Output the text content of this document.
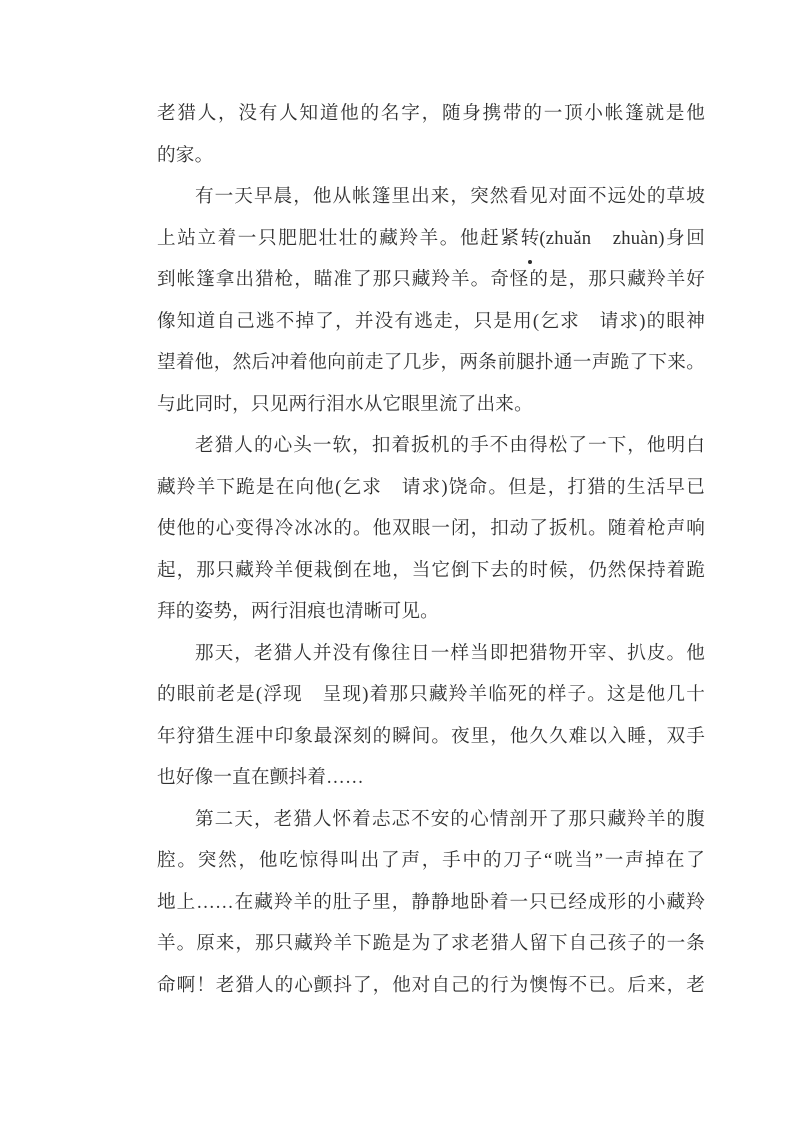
老猎人，没有人知道他的名字，随身携带的一顶小帐篷就是他
的家。
有一天早晨，他从帐篷里出来，突然看见对面不远处的草坡
上站立着一只肥肥壮壮的藏羚羊。他赶紧转(zhuǎn　zhuàn)身回
到帐篷拿出猎枪，瞄准了那只藏羚羊。奇怪的是，那只藏羚羊好
像知道自己逃不掉了，并没有逃走，只是用(乞求　请求)的眼神
望着他，然后冲着他向前走了几步，两条前腿扑通一声跪了下来。
与此同时，只见两行泪水从它眼里流了出来。
老猎人的心头一软，扣着扳机的手不由得松了一下，他明白
藏羚羊下跪是在向他(乞求　请求)饶命。但是，打猎的生活早已
使他的心变得冷冰冰的。他双眼一闭，扣动了扳机。随着枪声响
起，那只藏羚羊便栽倒在地，当它倒下去的时候，仍然保持着跪
拜的姿势，两行泪痕也清晰可见。
那天，老猎人并没有像往日一样当即把猎物开宰、扒皮。他
的眼前老是(浮现　呈现)着那只藏羚羊临死的样子。这是他几十
年狩猎生涯中印象最深刻的瞬间。夜里，他久久难以入睡，双手
也好像一直在颤抖着……
第二天，老猎人怀着忐忑不安的心情剖开了那只藏羚羊的腹
腔。突然，他吃惊得叫出了声，手中的刀子“咣当”一声掉在了
地上……在藏羚羊的肚子里，静静地卧着一只已经成形的小藏羚
羊。原来，那只藏羚羊下跪是为了求老猎人留下自己孩子的一条
命啊！老猎人的心颤抖了，他对自己的行为懊悔不已。后来，老
